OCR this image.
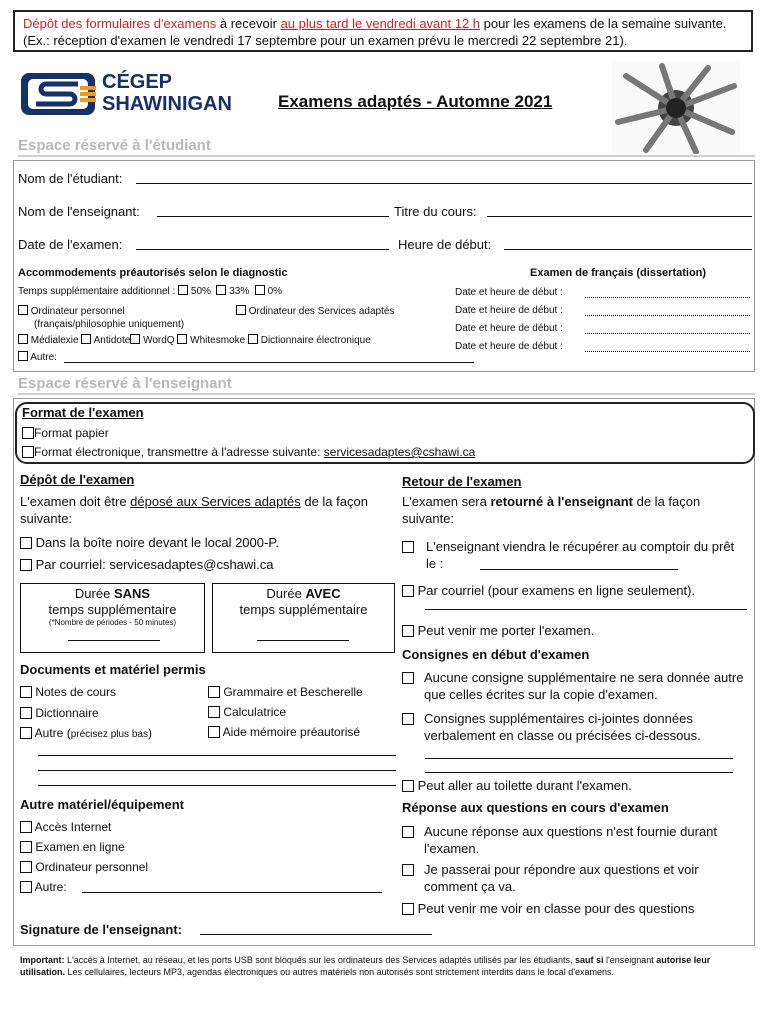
Dépôt des formulaires d'examens à recevoir au plus tard le vendredi avant 12 h pour les examens de la semaine suivante. (Ex.: réception d'examen le vendredi 17 septembre pour un examen prévu le mercredi 22 septembre 21).
CÉGEP
SHAWINIGAN	Examens adaptés - Automne 2021
Espace réservé à l'étudiant
Nom de l'étudiant:
Nom de l'enseignant:	Titre du cours:
Date de l'examen:	Heure de début:
Accommodements préautorisés selon le diagnostic	Examen de français (dissertation)
Temps supplémentaire additionnel : 50% 33% 0%
Ordinateur personnel
(français/philosophie uniquement)
Ordinateur des Services adaptés
Médialexie Antidote WordQ Whitesmoke Dictionnaire électronique
Autre:
Date et heure de début :
Date et heure de début :
Date et heure de début :
Date et heure de début :
Espace réservé à l'enseignant
Format de l'examen
Format papier
Format électronique, transmettre à l'adresse suivante: servicesadaptes@cshawi.ca
Dépôt de l'examen
L'examen doit être déposé aux Services adaptés de la façon suivante:
Dans la boîte noire devant le local 2000-P.
Par courriel: servicesadaptes@cshawi.ca
Durée SANS
temps supplémentaire
(*Nombre de périodes - 50 minutes)
Durée AVEC
temps supplémentaire
Documents et matériel permis
Notes de cours
Dictionnaire
Autre (précisez plus bas)
Grammaire et Bescherelle
Calculatrice
Aide mémoire préautorisé
Autre matériel/équipement
Accès Internet
Examen en ligne
Ordinateur personnel
Autre:
Signature de l'enseignant:
Retour de l'examen
L'examen sera retourné à l'enseignant de la façon suivante:
L'enseignant viendra le récupérer au comptoir du prêt le :
Par courriel (pour examens en ligne seulement).
Peut venir me porter l'examen.
Consignes en début d'examen
Aucune consigne supplémentaire ne sera donnée autre que celles écrites sur la copie d'examen.
Consignes supplémentaires ci-jointes données verbalement en classe ou précisées ci-dessous.
Peut aller au toilette durant l'examen.
Réponse aux questions en cours d'examen
Aucune réponse aux questions n'est fournie durant l'examen.
Je passerai pour répondre aux questions et voir comment ça va.
Peut venir me voir en classe pour des questions
Important: L'accès à Internet, au réseau, et les ports USB sont bloqués sur les ordinateurs des Services adaptés utilisés par les étudiants, sauf si l'enseignant autorise leur utilisation. Les cellulaires, lecteurs MP3, agendas électroniques ou autres matériels non autorisés sont strictement interdits dans le local d'examens.
